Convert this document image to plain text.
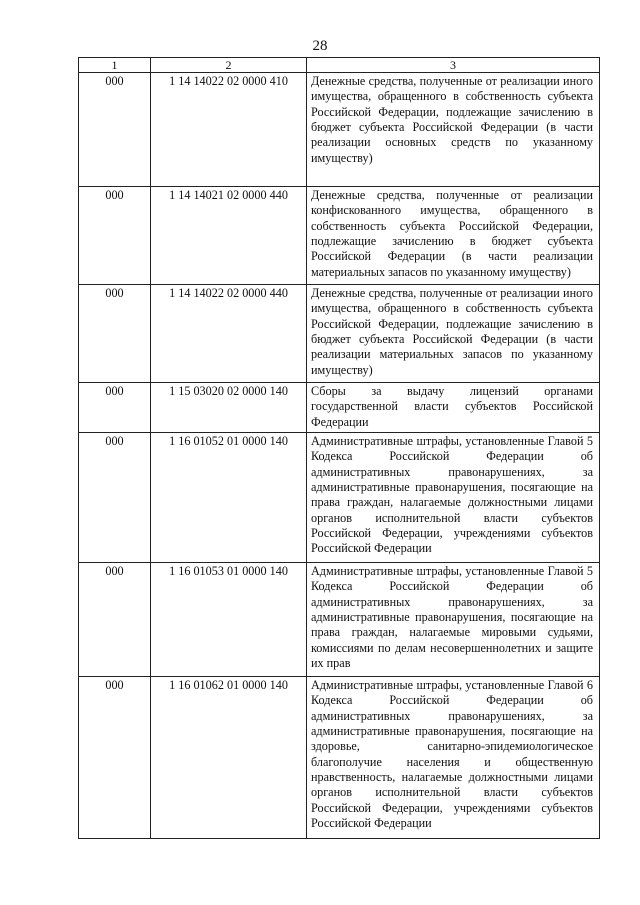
28
1	2	3
000	1 14 14022 02 0000 410	Денежные средства, полученные от реализации иного имущества, обращенного в собственность субъекта Российской Федерации, подлежащие зачислению в бюджет субъекта Российской Федерации (в части реализации основных средств по указанному имуществу)
000	1 14 14021 02 0000 440	Денежные средства, полученные от реализации конфискованного имущества, обращенного в собственность субъекта Российской Федерации, подлежащие зачислению в бюджет субъекта Российской Федерации (в части реализации материальных запасов по указанному имуществу)
000	1 14 14022 02 0000 440	Денежные средства, полученные от реализации иного имущества, обращенного в собственность субъекта Российской Федерации, подлежащие зачислению в бюджет субъекта Российской Федерации (в части реализации материальных запасов по указанному имуществу)
000	1 15 03020 02 0000 140	Сборы за выдачу лицензий органами государственной власти субъектов Российской Федерации
000	1 16 01052 01 0000 140	Административные штрафы, установленные Главой 5 Кодекса Российской Федерации об административных правонарушениях, за административные правонарушения, посягающие на права граждан, налагаемые должностными лицами органов исполнительной власти субъектов Российской Федерации, учреждениями субъектов Российской Федерации
000	1 16 01053 01 0000 140	Административные штрафы, установленные Главой 5 Кодекса Российской Федерации об административных правонарушениях, за административные правонарушения, посягающие на права граждан, налагаемые мировыми судьями, комиссиями по делам несовершеннолетних и защите их прав
000	1 16 01062 01 0000 140	Административные штрафы, установленные Главой 6 Кодекса Российской Федерации об административных правонарушениях, за административные правонарушения, посягающие на здоровье, санитарно-эпидемиологическое благополучие населения и общественную нравственность, налагаемые должностными лицами органов исполнительной власти субъектов Российской Федерации, учреждениями субъектов Российской Федерации
